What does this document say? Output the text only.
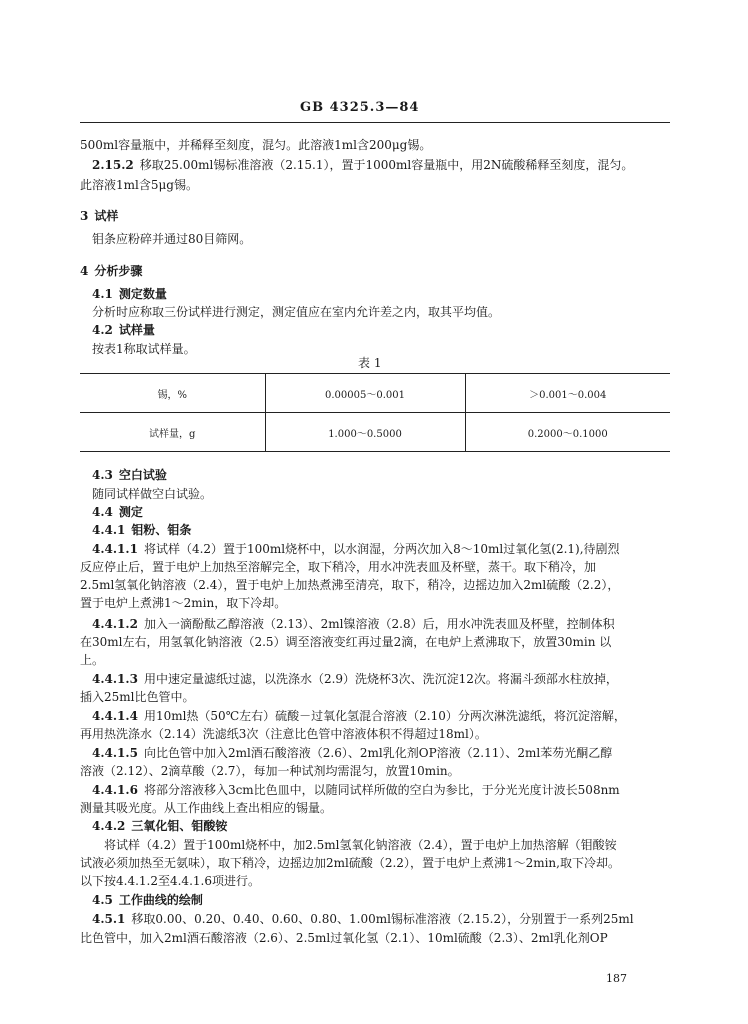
GB 4325.3—84
500ml容量瓶中，并稀释至刻度，混匀。此溶液1ml含200μg锡。
2.15.2 移取25.00ml锡标准溶液（2.15.1），置于1000ml容量瓶中，用2N硫酸稀释至刻度，混匀。
此溶液1ml含5μg锡。
3 试样
钼条应粉碎并通过80目筛网。
4 分析步骤
4.1 测定数量
分析时应称取三份试样进行测定，测定值应在室内允许差之内，取其平均值。
4.2 试样量
按表1称取试样量。
4.3 空白试验
随同试样做空白试验。
4.4 测定
4.4.1 钼粉、钼条
4.4.1.1 将试样（4.2）置于100ml烧杯中，以水润湿，分两次加入8～10ml过氧化氢(2.1),待剧烈
反应停止后，置于电炉上加热至溶解完全，取下稍冷，用水冲洗表皿及杯壁，蒸干。取下稍冷，加
2.5ml氢氧化钠溶液（2.4），置于电炉上加热煮沸至清亮，取下，稍冷，边摇边加入2ml硫酸（2.2），
置于电炉上煮沸1～2min，取下冷却。
4.4.1.2 加入一滴酚酞乙醇溶液（2.13）、2ml镍溶液（2.8）后，用水冲洗表皿及杯壁，控制体积
在30ml左右，用氢氧化钠溶液（2.5）调至溶液变红再过量2滴，在电炉上煮沸取下，放置30min 以
上。
4.4.1.3 用中速定量滤纸过滤，以洗涤水（2.9）洗烧杯3次、洗沉淀12次。将漏斗颈部水柱放掉，
插入25ml比色管中。
4.4.1.4 用10ml热（50℃左右）硫酸－过氧化氢混合溶液（2.10）分两次淋洗滤纸，将沉淀溶解，
再用热洗涤水（2.14）洗滤纸3次（注意比色管中溶液体积不得超过18ml）。
4.4.1.5 向比色管中加入2ml酒石酸溶液（2.6）、2ml乳化剂OP溶液（2.11）、2ml苯芴光酮乙醇
溶液（2.12）、2滴草酸（2.7），每加一种试剂均需混匀，放置10min。
4.4.1.6 将部分溶液移入3cm比色皿中，以随同试样所做的空白为参比，于分光光度计波长508nm
测量其吸光度。从工作曲线上查出相应的锡量。
4.4.2 三氧化钼、钼酸铵
将试样（4.2）置于100ml烧杯中，加2.5ml氢氧化钠溶液（2.4），置于电炉上加热溶解（钼酸铵
试液必须加热至无氨味），取下稍冷，边摇边加2ml硫酸（2.2），置于电炉上煮沸1～2min,取下冷却。
以下按4.4.1.2至4.4.1.6项进行。
4.5 工作曲线的绘制
4.5.1 移取0.00、0.20、0.40、0.60、0.80、1.00ml锡标准溶液（2.15.2），分别置于一系列25ml
比色管中，加入2ml酒石酸溶液（2.6）、2.5ml过氧化氢（2.1）、10ml硫酸（2.3）、2ml乳化剂OP
表 1
锡，%	0.00005～0.001	＞0.001～0.004
试样量，g	1.000～0.5000	0.2000～0.1000
187
